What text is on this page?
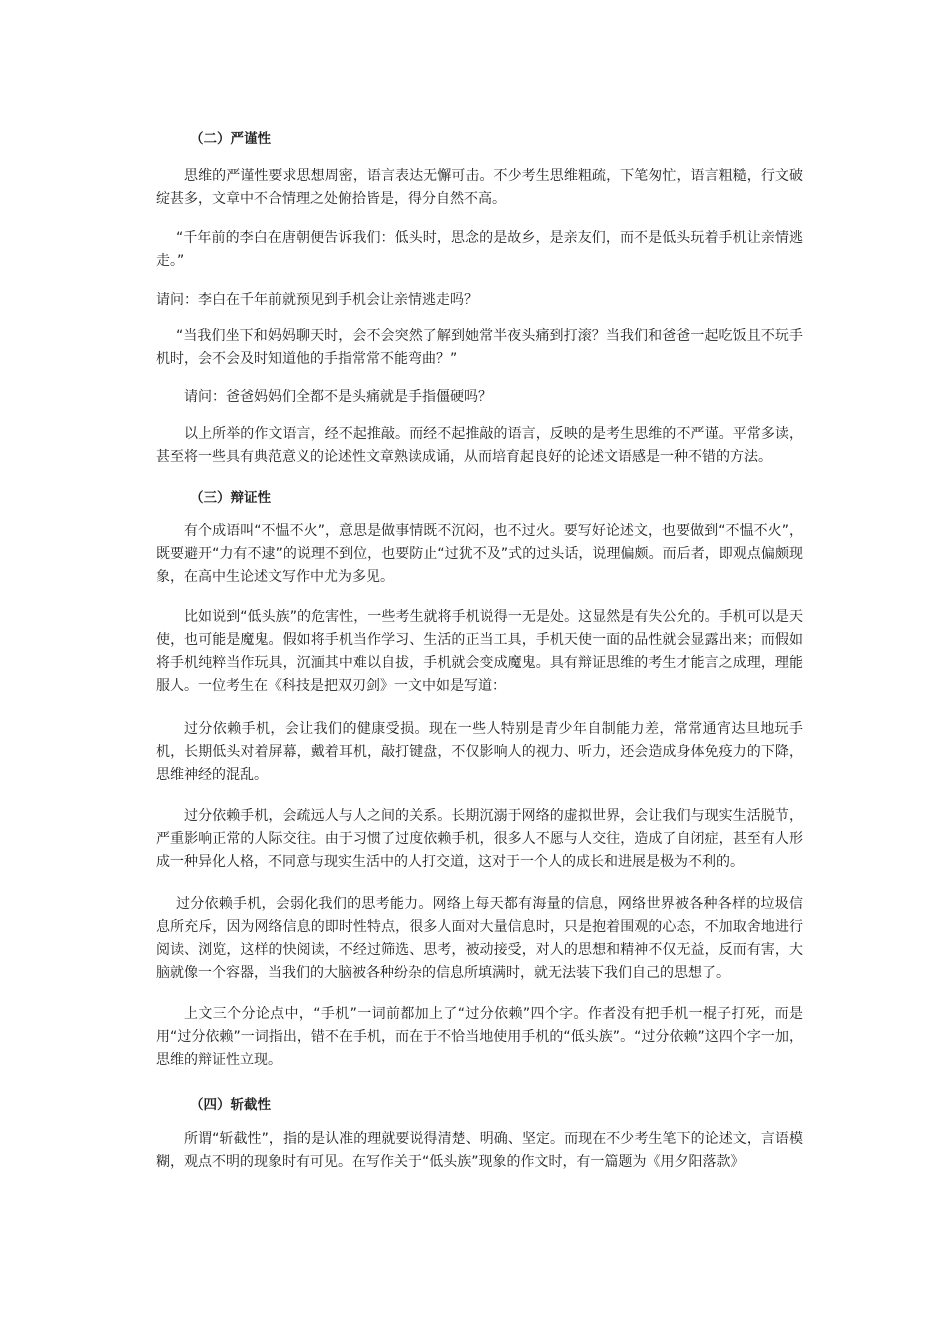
（二）严谨性

思维的严谨性要求思想周密，语言表达无懈可击。不少考生思维粗疏，下笔匆忙，语言粗糙，行文破绽甚多，文章中不合情理之处俯拾皆是，得分自然不高。

“千年前的李白在唐朝便告诉我们：低头时，思念的是故乡，是亲友们，而不是低头玩着手机让亲情逃走。”

请问：李白在千年前就预见到手机会让亲情逃走吗？

“当我们坐下和妈妈聊天时，会不会突然了解到她常半夜头痛到打滚？当我们和爸爸一起吃饭且不玩手机时，会不会及时知道他的手指常常不能弯曲？”

请问：爸爸妈妈们全都不是头痛就是手指僵硬吗？

以上所举的作文语言，经不起推敲。而经不起推敲的语言，反映的是考生思维的不严谨。平常多读，甚至将一些具有典范意义的论述性文章熟读成诵，从而培育起良好的论述文语感是一种不错的方法。

（三）辩证性

有个成语叫“不愠不火”，意思是做事情既不沉闷，也不过火。要写好论述文，也要做到“不愠不火”，既要避开“力有不逮”的说理不到位，也要防止“过犹不及”式的过头话，说理偏颇。而后者，即观点偏颇现象，在高中生论述文写作中尤为多见。

比如说到“低头族”的危害性，一些考生就将手机说得一无是处。这显然是有失公允的。手机可以是天使，也可能是魔鬼。假如将手机当作学习、生活的正当工具，手机天使一面的品性就会显露出来；而假如将手机纯粹当作玩具，沉湎其中难以自拔，手机就会变成魔鬼。具有辩证思维的考生才能言之成理，理能服人。一位考生在《科技是把双刃剑》一文中如是写道：

过分依赖手机，会让我们的健康受损。现在一些人特别是青少年自制能力差，常常通宵达旦地玩手机，长期低头对着屏幕，戴着耳机，敲打键盘，不仅影响人的视力、听力，还会造成身体免疫力的下降，思维神经的混乱。

过分依赖手机，会疏远人与人之间的关系。长期沉溺于网络的虚拟世界，会让我们与现实生活脱节，严重影响正常的人际交往。由于习惯了过度依赖手机，很多人不愿与人交往，造成了自闭症，甚至有人形成一种异化人格，不同意与现实生活中的人打交道，这对于一个人的成长和进展是极为不利的。

过分依赖手机，会弱化我们的思考能力。网络上每天都有海量的信息，网络世界被各种各样的垃圾信息所充斥，因为网络信息的即时性特点，很多人面对大量信息时，只是抱着围观的心态，不加取舍地进行阅读、浏览，这样的快阅读，不经过筛选、思考，被动接受，对人的思想和精神不仅无益，反而有害，大脑就像一个容器，当我们的大脑被各种纷杂的信息所填满时，就无法装下我们自己的思想了。

上文三个分论点中，“手机”一词前都加上了“过分依赖”四个字。作者没有把手机一棍子打死，而是用“过分依赖”一词指出，错不在手机，而在于不恰当地使用手机的“低头族”。“过分依赖”这四个字一加，思维的辩证性立现。

（四）斩截性

所谓“斩截性”，指的是认准的理就要说得清楚、明确、坚定。而现在不少考生笔下的论述文，言语模糊，观点不明的现象时有可见。在写作关于“低头族”现象的作文时，有一篇题为《用夕阳落款》
